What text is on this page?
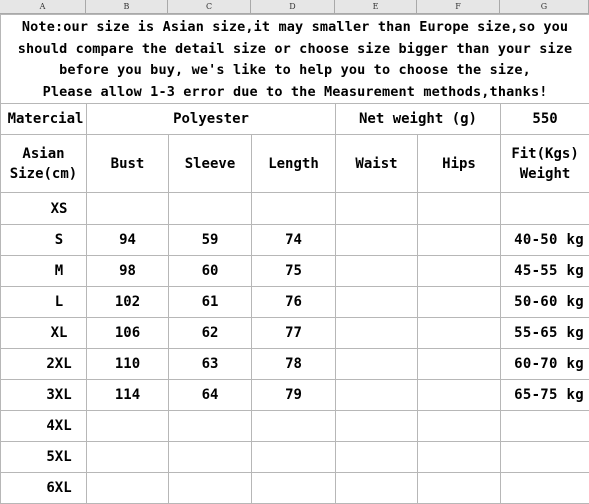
A	B	C	D	E	F	G
Note:our size is Asian size,it may smaller than Europe size,so you
should compare the detail size or choose size bigger than your size
before you buy, we's like to help you to choose the size,
Please allow 1-3 error due to the Measurement methods,thanks!						

Matercial	Polyester			Net weight (g)		550

Asian
Size(cm)	Bust	Sleeve	Length	Waist	Hips	Fit(Kgs)
Weight

XS						
S	94	59	74			40-50 kg
M	98	60	75			45-55 kg
L	102	61	76			50-60 kg
XL	106	62	77			55-65 kg
2XL	110	63	78			60-70 kg
3XL	114	64	79			65-75 kg
4XL						
5XL						
6XL						
